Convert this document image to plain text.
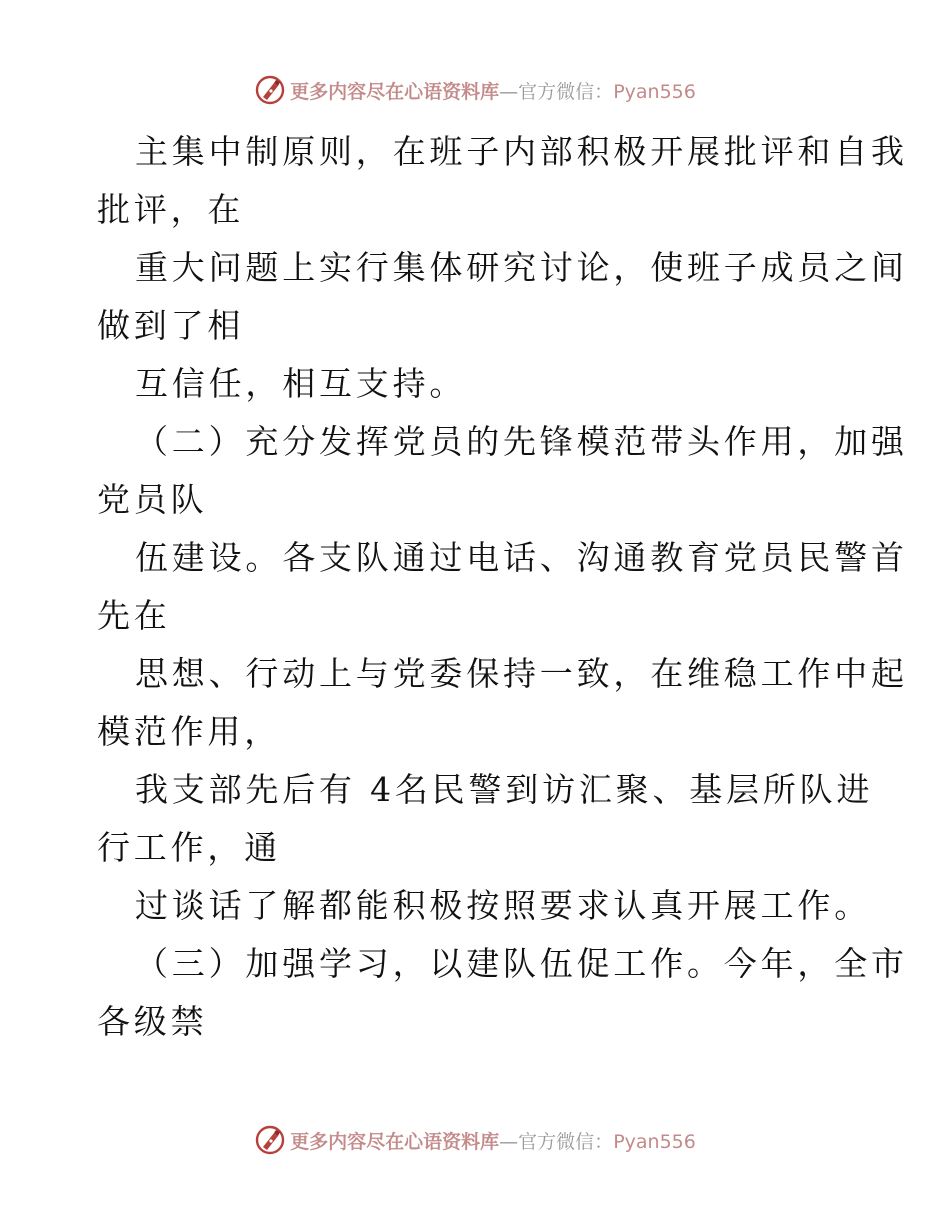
更多内容尽在心语资料库—官方微信：Pyan556
主集中制原则，在班子内部积极开展批评和自我
批评，在
重大问题上实行集体研究讨论，使班子成员之间
做到了相
互信任，相互支持。
（二）充分发挥党员的先锋模范带头作用，加强
党员队
伍建设。各支队通过电话、沟通教育党员民警首
先在
思想、行动上与党委保持一致，在维稳工作中起
模范作用，
我支部先后有 4名民警到访汇聚、基层所队进
行工作，通
过谈话了解都能积极按照要求认真开展工作。
（三）加强学习，以建队伍促工作。今年，全市
各级禁
更多内容尽在心语资料库—官方微信：Pyan556
